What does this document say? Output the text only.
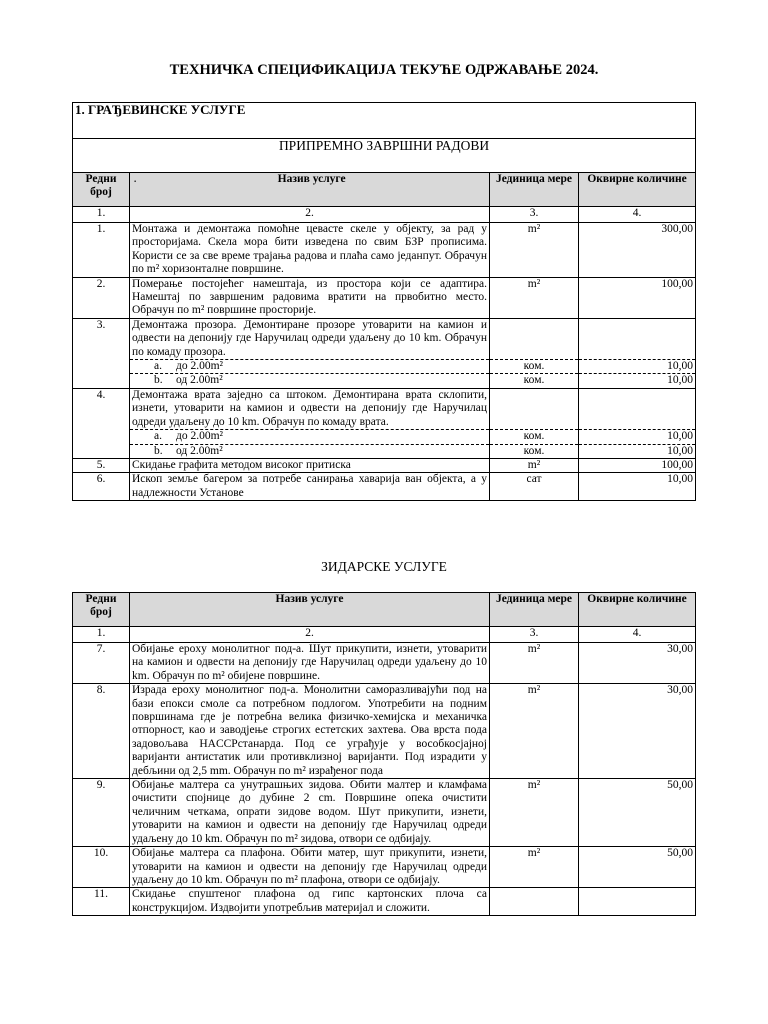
ТЕХНИЧКА СПЕЦИФИКАЦИЈА ТЕКУЋЕ ОДРЖАВАЊЕ 2024.
1. ГРАЂЕВИНСКЕ УСЛУГЕ			
ПРИПРЕМНО ЗАВРШНИ РАДОВИ			
Редни број	. Назив услуге	Јединица мере	Оквирне количине
1.	2.	3.	4.
1.	Монтажа и демонтажа помоћне цеваcте скеле у објекту, за рад у просторијама. Скела мора бити изведена по свим БЗР прописима. Користи се за све време трајања радова и плаћа само једанпут. Обрачун по m² хоризонталне површине.	m²	300,00
2.	Померање постојећег намештаја, из простора који се адаптира. Намештај по завршеним радовима вратити на првобитно место. Обрачун по m² површине просторије.	m²	100,00
3.	Демонтажа прозора. Демонтиране прозоре утоварити на камион и одвести на депонију где Наручилац одреди удаљену до 10 km. Обрачун по комаду прозора.		
	a. до 2.00m²	ком.	10,00
	b. од 2.00m²	ком.	10,00
4.	Демонтажа врата заједно са штоком. Демонтирана врата склопити, изнети, утоварити на камион и одвести на депонију где Наручилац одреди удаљену до 10 km. Обрачун по комаду врата.		
	a. до 2.00m²	ком.	10,00
	b. од 2.00m²	ком.	10,00
5.	Скидање графита методом високог притиска	m²	100,00
6.	Ископ земље багером за потребе санирања хаварија ван објекта, а у надлежности Установе	сат	10,00
ЗИДАРСКЕ УСЛУГЕ
Редни број	Назив услуге	Јединица мере	Оквирне количине
1.	2.	3.	4.
7.	Обијање epoxy монолитног под-а. Шут прикупити, изнети, утоварити на камион и одвести на депонију где Наручилац одреди удаљену до 10 km. Обрачун по m² обијене површине.	m²	30,00
8.	Израда epoxy монолитног под-а. Монолитни саморазливајући под на бази епокси смоле са потребном подлогом. Употребити на подним површинама где је потребна велика физичко-хемијска и механичка отпорност, као и заводјење строгих естетских захтева. Ова врста пода задовољава HACCPстанарда. Под се уграђује у вособкосјајној варијанти антистатик или противклизној варијанти. Под израдити у дебљини од 2,5 mm. Обрачун по m² израђеног пода	m²	30,00
9.	Обијање малтера са унутрашњих зидова. Обити малтер и кламфама очистити спојнице до дубине 2 cm. Површине опека очистити челичним четкама, опрати зидове водом. Шут прикупити, изнети, утоварити на камион и одвести на депонију где Наручилац одреди удаљену до 10 km. Обрачун по m² зидова, отвори се одбијају.	m²	50,00
10.	Обијање малтера са плафона. Обити матер, шут прикупити, изнети, утоварити на камион и одвести на депонију где Наручилац одреди удаљену до 10 km. Обрачун по m² плафона, отвори се одбијају.	m²	50,00
11.	Скидање спуштеног плафона од гипс картонских плоча са конструкцијом. Издвојити употребљив материјал и сложити.		
